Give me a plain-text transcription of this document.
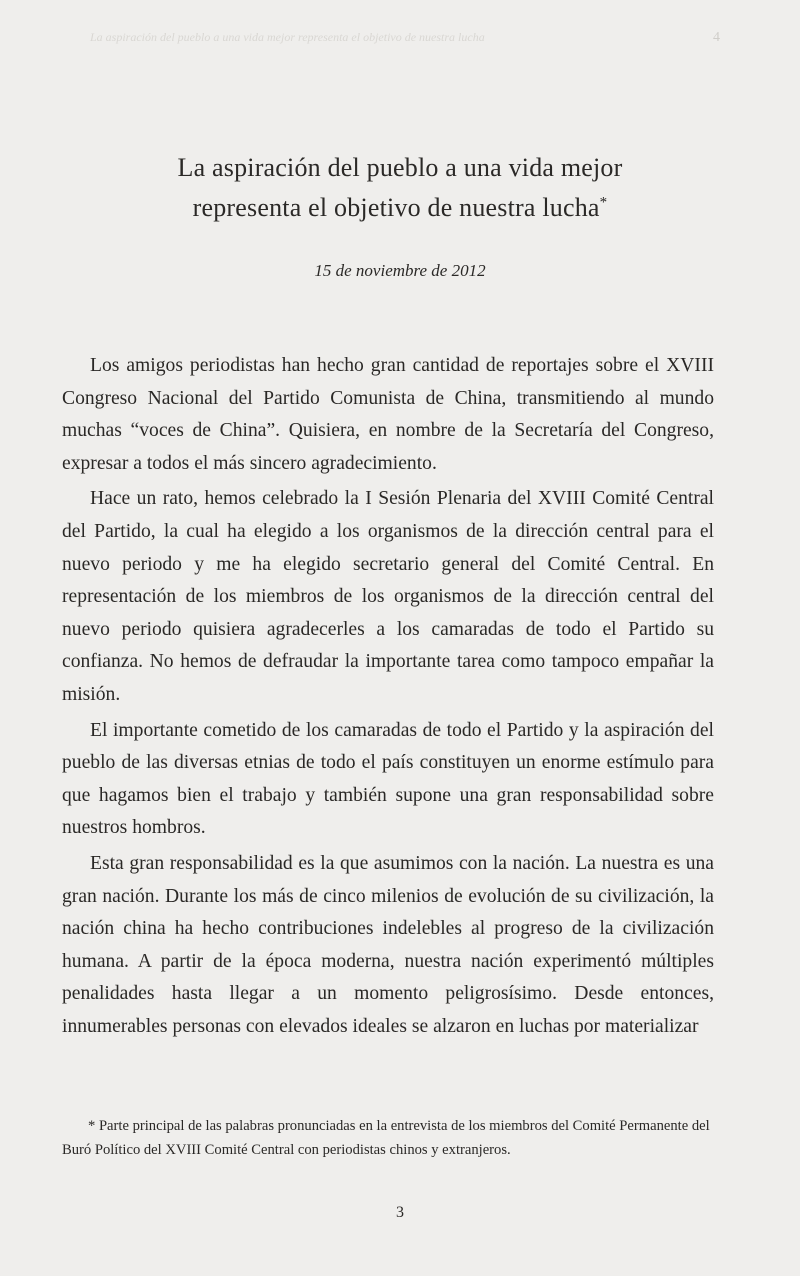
La aspiración del pueblo a una vida mejor representa el objetivo de nuestra lucha	4
La aspiración del pueblo a una vida mejor
representa el objetivo de nuestra lucha*
15 de noviembre de 2012

Los amigos periodistas han hecho gran cantidad de reportajes sobre el XVIII Congreso Nacional del Partido Comunista de China, transmitiendo al mundo muchas “voces de China”. Quisiera, en nombre de la Secretaría del Congreso, expresar a todos el más sincero agradecimiento.

Hace un rato, hemos celebrado la I Sesión Plenaria del XVIII Comité Central del Partido, la cual ha elegido a los organismos de la dirección central para el nuevo periodo y me ha elegido secretario general del Comité Central. En representación de los miembros de los organismos de la dirección central del nuevo periodo quisiera agradecerles a los camaradas de todo el Partido su confianza. No hemos de defraudar la importante tarea como tampoco empañar la misión.

El importante cometido de los camaradas de todo el Partido y la aspiración del pueblo de las diversas etnias de todo el país constituyen un enorme estímulo para que hagamos bien el trabajo y también supone una gran responsabilidad sobre nuestros hombros.

Esta gran responsabilidad es la que asumimos con la nación. La nuestra es una gran nación. Durante los más de cinco milenios de evolución de su civilización, la nación china ha hecho contribuciones indelebles al progreso de la civilización humana. A partir de la época moderna, nuestra nación experimentó múltiples penalidades hasta llegar a un momento peligrosísimo. Desde entonces, innumerables personas con elevados ideales se alzaron en luchas por materializar

* Parte principal de las palabras pronunciadas en la entrevista de los miembros del Comité Permanente del Buró Político del XVIII Comité Central con periodistas chinos y extranjeros.
3
